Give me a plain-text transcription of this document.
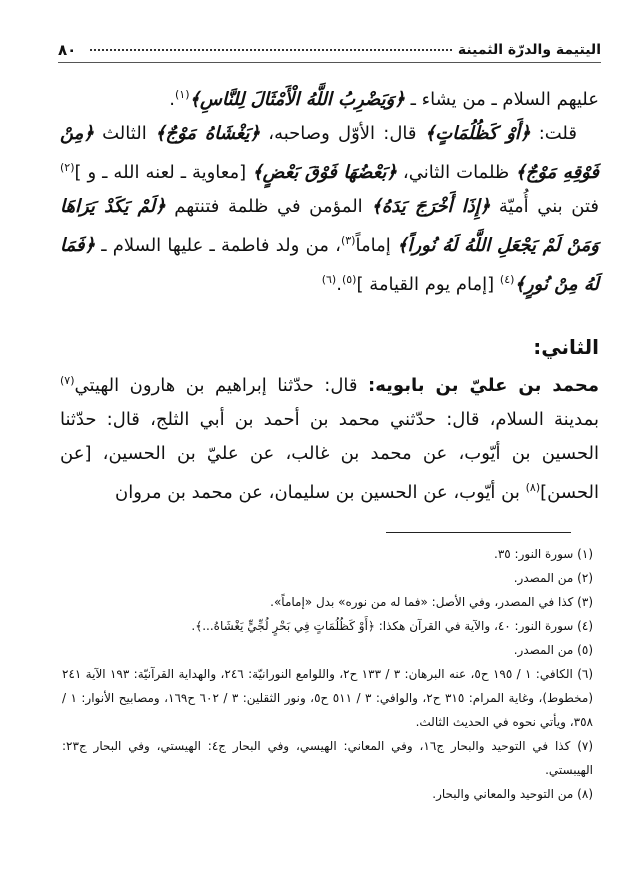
٨٠	اليتيمة والدرّة الثمينة

عليهم السلام ـ من يشاء ـ ﴿وَيَضْرِبُ اللَّهُ الْأَمْثَالَ لِلنَّاسِ﴾$^{(١)}$.

قلت: ﴿أَوْ كَظُلُمَاتٍ﴾ قال: الأوّل وصاحبه، ﴿يَغْشَاهُ مَوْجٌ﴾ الثالث ﴿مِنْ فَوْقِهِ مَوْجٌ﴾ ظلمات الثاني، ﴿بَعْضُهَا فَوْقَ بَعْضٍ﴾ [معاوية ـ لعنه الله ـ و ]$^{(٢)}$ فتن بني أُميّة ﴿إِذَا أَخْرَجَ يَدَهُ﴾ المؤمن في ظلمة فتنتهم ﴿لَمْ يَكَدْ يَرَاهَا وَمَنْ لَمْ يَجْعَلِ اللَّهُ لَهُ نُوراً﴾ إماماً$^{(٣)}$، من ولد فاطمة ـ عليها السلام ـ ﴿فَمَا لَهُ مِنْ نُورٍ﴾$^{(٤)}$ [إمام يوم القيامة ]$^{(٥)}$.$^{(٦)}$

الثاني:

محمد بن عليّ بن بابويه: قال: حدّثنا إبراهيم بن هارون الهيتي$^{(٧)}$ بمدينة السلام، قال: حدّثني محمد بن أحمد بن أبي الثلج، قال: حدّثنا الحسين بن أيّوب، عن محمد بن غالب، عن عليّ بن الحسين، [عن الحسن]$^{(٨)}$ بن أيّوب، عن الحسين بن سليمان، عن محمد بن مروان

(١) سورة النور: ٣٥.

(٢) من المصدر.

(٣) كذا في المصدر، وفي الأصل: «فما له من نوره» بدل «إماماً».

(٤) سورة النور: ٤٠، والآية في القرآن هكذا: ﴿أَوْ كَظُلُمَاتٍ فِي بَحْرٍ لُجِّيٍّ يَغْشَاهُ...﴾.

(٥) من المصدر.

(٦) الكافي: ١ / ١٩٥ ح٥، عنه البرهان: ٣ / ١٣٣ ح٢، واللوامع النورانيّة: ٢٤٦، والهداية القرآنيّة: ١٩٣ الآية ٢٤١ (مخطوط)، وغاية المرام: ٣١٥ ح٢، والوافي: ٣ / ٥١١ ح٥، ونور الثقلين: ٣ / ٦٠٢ ح١٦٩، ومصابيح الأنوار: ١ / ٣٥٨، ويأتي نحوه في الحديث الثالث.

(٧) كذا في التوحيد والبحار ج١٦، وفي المعاني: الهيسي، وفي البحار ج٤: الهيستي، وفي البحار ج٢٣: الهيبستي.

(٨) من التوحيد والمعاني والبحار.
